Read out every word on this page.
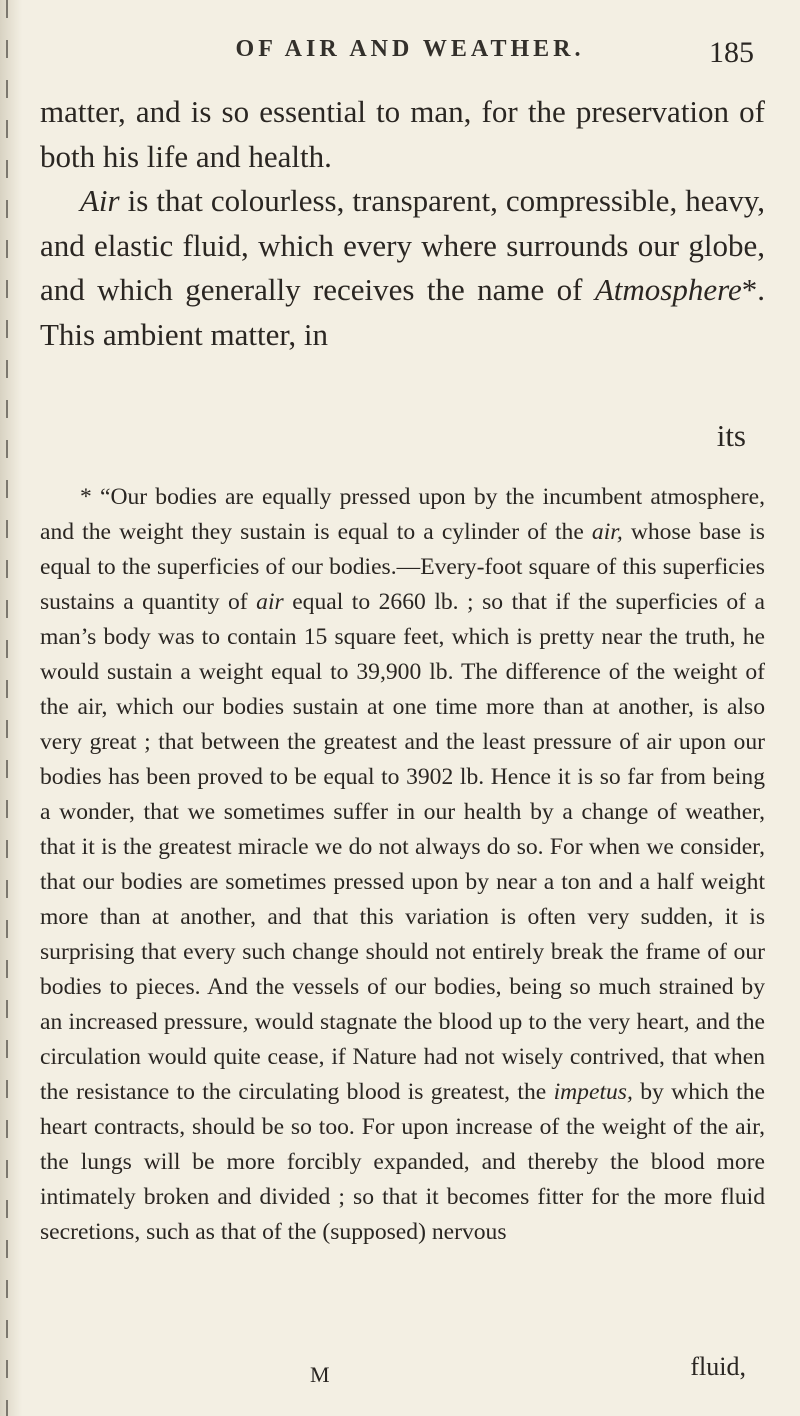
OF AIR AND WEATHER.	185

matter, and is so essential to man, for the preservation of both his life and health.

Air is that colourless, transparent, compressible, heavy, and elastic fluid, which every where surrounds our globe, and which generally receives the name of Atmosphere*. This ambient matter, in

its

* “Our bodies are equally pressed upon by the incumbent atmosphere, and the weight they sustain is equal to a cylinder of the air, whose base is equal to the superficies of our bodies.—Every-foot square of this superficies sustains a quantity of air equal to 2660 lb. ; so that if the superficies of a man’s body was to contain 15 square feet, which is pretty near the truth, he would sustain a weight equal to 39,900 lb. The difference of the weight of the air, which our bodies sustain at one time more than at another, is also very great ; that between the greatest and the least pressure of air upon our bodies has been proved to be equal to 3902 lb. Hence it is so far from being a wonder, that we sometimes suffer in our health by a change of weather, that it is the greatest miracle we do not always do so. For when we consider, that our bodies are sometimes pressed upon by near a ton and a half weight more than at another, and that this variation is often very sudden, it is surprising that every such change should not entirely break the frame of our bodies to pieces. And the vessels of our bodies, being so much strained by an increased pressure, would stagnate the blood up to the very heart, and the circulation would quite cease, if Nature had not wisely contrived, that when the resistance to the circulating blood is greatest, the impetus, by which the heart contracts, should be so too. For upon increase of the weight of the air, the lungs will be more forcibly expanded, and thereby the blood more intimately broken and divided ; so that it becomes fitter for the more fluid secretions, such as that of the (supposed) nervous

M	fluid,
